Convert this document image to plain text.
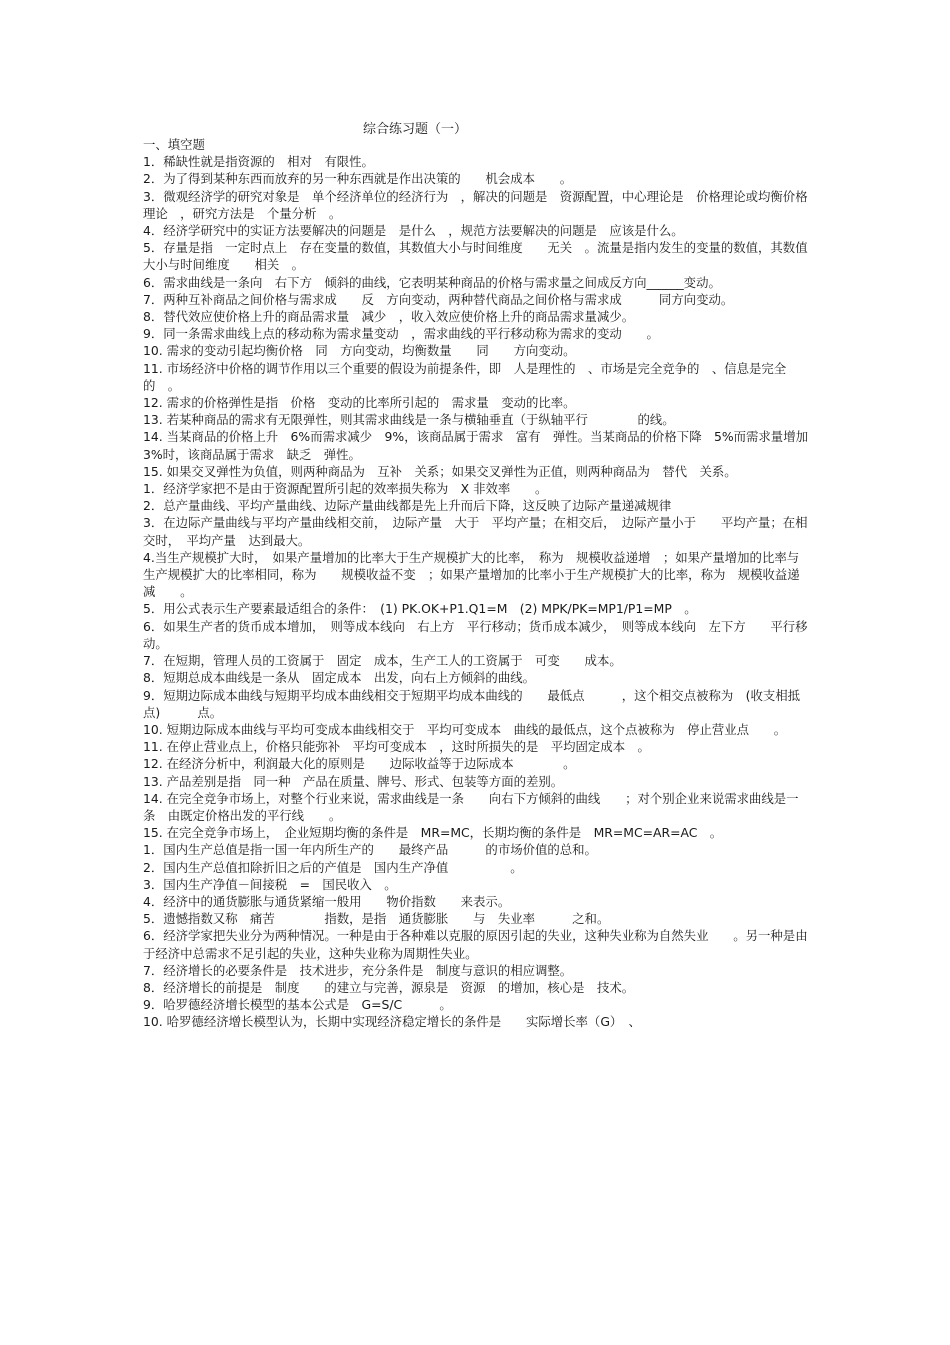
综合练习题（一）
一、填空题
1．稀缺性就是指资源的　相对　有限性。
2．为了得到某种东西而放弃的另一种东西就是作出决策的　　机会成本　　。
3．微观经济学的研究对象是　单个经济单位的经济行为　，解决的问题是　资源配置，中心理论是　价格理论或均衡价格理论　，研究方法是　个量分析　。
4．经济学研究中的实证方法要解决的问题是　是什么　，规范方法要解决的问题是　应该是什么。
5．存量是指　一定时点上　存在变量的数值，其数值大小与时间维度　　无关　。流量是指内发生的变量的数值，其数值大小与时间维度　　相关　。
6．需求曲线是一条向　右下方　倾斜的曲线，它表明某种商品的价格与需求量之间成反方向______变动。
7．两种互补商品之间价格与需求成　　反　方向变动，两种替代商品之间价格与需求成　　　同方向变动。
8．替代效应使价格上升的商品需求量　减少　，收入效应使价格上升的商品需求量减少。
9．同一条需求曲线上点的移动称为需求量变动　，需求曲线的平行移动称为需求的变动　　。
10. 需求的变动引起均衡价格　同　方向变动，均衡数量　　同　　方向变动。
11. 市场经济中价格的调节作用以三个重要的假设为前提条件，即　人是理性的　、市场是完全竞争的　、信息是完全的　。
12. 需求的价格弹性是指　价格　变动的比率所引起的　需求量　变动的比率。
13. 若某种商品的需求有无限弹性，则其需求曲线是一条与横轴垂直（于纵轴平行　　　　的线。
14. 当某商品的价格上升　6%而需求减少　9%，该商品属于需求　富有　弹性。当某商品的价格下降　5%而需求量增加　3%时，该商品属于需求　缺乏　弹性。
15. 如果交叉弹性为负值，则两种商品为　互补　关系；如果交叉弹性为正值，则两种商品为　替代　关系。
1．经济学家把不是由于资源配置所引起的效率损失称为　X 非效率　　。
2．总产量曲线、平均产量曲线、边际产量曲线都是先上升而后下降，这反映了边际产量递减规律
3．在边际产量曲线与平均产量曲线相交前，　边际产量　大于　平均产量；在相交后，　边际产量小于　　平均产量；在相交时，　平均产量　达到最大。
4.当生产规模扩大时，　如果产量增加的比率大于生产规模扩大的比率，　称为　规模收益递增　；如果产量增加的比率与生产规模扩大的比率相同，称为　　规模收益不变　；如果产量增加的比率小于生产规模扩大的比率，称为　规模收益递减　　。
5．用公式表示生产要素最适组合的条件：　(1) PK.OK+P1.Q1=M　(2) MPK/PK=MP1/P1=MP　。
6．如果生产者的货币成本增加，　则等成本线向　右上方　平行移动；货币成本减少，　则等成本线向　左下方　　平行移动。
7．在短期，管理人员的工资属于　固定　成本，生产工人的工资属于　可变　　成本。
8．短期总成本曲线是一条从　固定成本　出发，向右上方倾斜的曲线。
9．短期边际成本曲线与短期平均成本曲线相交于短期平均成本曲线的　　最低点　　　，这个相交点被称为　(收支相抵点)　　　点。
10. 短期边际成本曲线与平均可变成本曲线相交于　平均可变成本　曲线的最低点，这个点被称为　停止营业点　　。
11. 在停止营业点上，价格只能弥补　平均可变成本　，这时所损失的是　平均固定成本　。
12. 在经济分析中，利润最大化的原则是　　边际收益等于边际成本　　　　。
13. 产品差别是指　同一种　产品在质量、牌号、形式、包装等方面的差别。
14. 在完全竞争市场上，对整个行业来说，需求曲线是一条　　向右下方倾斜的曲线　　；对个别企业来说需求曲线是一条　由既定价格出发的平行线　　。
15. 在完全竞争市场上，　企业短期均衡的条件是　MR=MC，长期均衡的条件是　MR=MC=AR=AC　。
1．国内生产总值是指一国一年内所生产的　　最终产品　　　的市场价值的总和。
2．国内生产总值扣除折旧之后的产值是　国内生产净值　　　　　。
3．国内生产净值－间接税　=　国民收入　。
4．经济中的通货膨胀与通货紧缩一般用　　物价指数　　来表示。
5．遗憾指数又称　痛苦　　　　指数，是指　通货膨胀　　与　失业率　　　之和。
6．经济学家把失业分为两种情况。一种是由于各种难以克服的原因引起的失业，这种失业称为自然失业　　。另一种是由于经济中总需求不足引起的失业，这种失业称为周期性失业。
7．经济增长的必要条件是　技术进步，充分条件是　制度与意识的相应调整。
8．经济增长的前提是　制度　　的建立与完善，源泉是　资源　的增加，核心是　技术。
9．哈罗德经济增长模型的基本公式是　G=S/C　　　。
10. 哈罗德经济增长模型认为，长期中实现经济稳定增长的条件是　　实际增长率（G）　、
